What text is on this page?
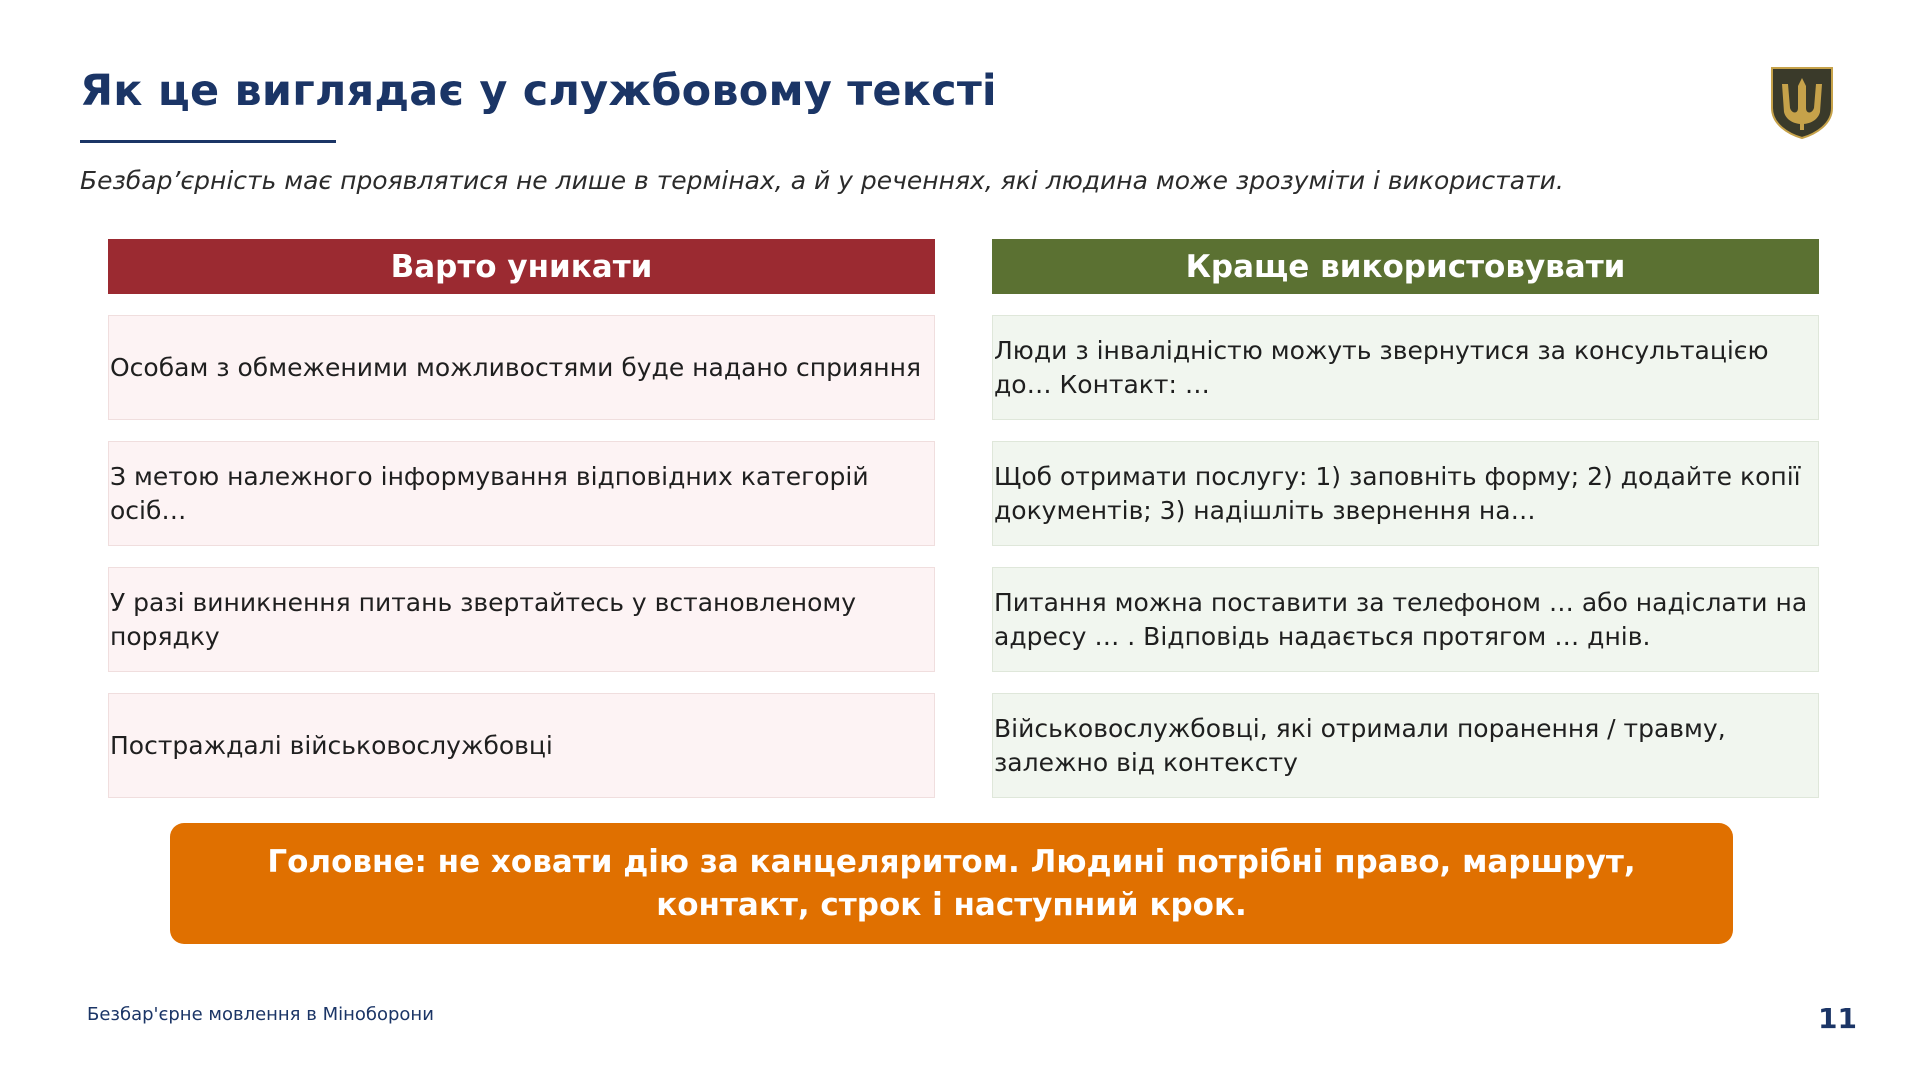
Як це виглядає у службовому тексті
Безбар’єрність має проявлятися не лише в термінах, а й у реченнях, які людина може зрозуміти і використати.
Варто уникати
Особам з обмеженими можливостями буде надано сприяння
З метою належного інформування відповідних категорій осіб…
У разі виникнення питань звертайтесь у встановленому порядку
Постраждалі військовослужбовці
Краще використовувати
Люди з інвалідністю можуть звернутися за консультацією до… Контакт: …
Щоб отримати послугу: 1) заповніть форму; 2) додайте копії документів; 3) надішліть звернення на…
Питання можна поставити за телефоном … або надіслати на адресу … . Відповідь надається протягом … днів.
Військовослужбовці, які отримали поранення / травму, залежно від контексту
Головне: не ховати дію за канцеляритом. Людині потрібні право, маршрут, контакт, строк і наступний крок.
Безбар'єрне мовлення в Міноборони	11
